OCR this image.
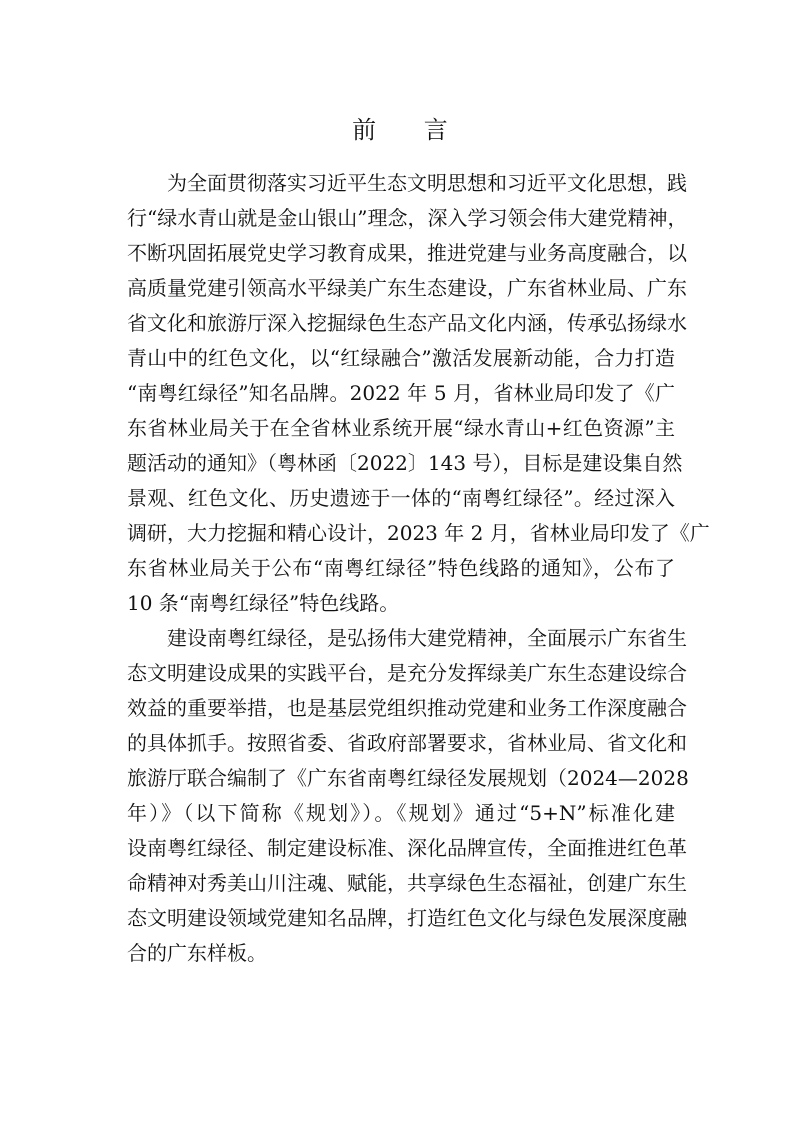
前 言

为全面贯彻落实习近平生态文明思想和习近平文化思想，践
行“绿水青山就是金山银山”理念，深入学习领会伟大建党精神，
不断巩固拓展党史学习教育成果，推进党建与业务高度融合，以
高质量党建引领高水平绿美广东生态建设，广东省林业局、广东
省文化和旅游厅深入挖掘绿色生态产品文化内涵，传承弘扬绿水
青山中的红色文化，以“红绿融合”激活发展新动能，合力打造
“南粤红绿径”知名品牌。2022 年 5 月，省林业局印发了《广
东省林业局关于在全省林业系统开展“绿水青山+红色资源”主
题活动的通知》（粤林函〔2022〕143 号），目标是建设集自然
景观、红色文化、历史遗迹于一体的“南粤红绿径”。经过深入
调研，大力挖掘和精心设计，2023 年 2 月，省林业局印发了《广
东省林业局关于公布“南粤红绿径”特色线路的通知》，公布了
10 条“南粤红绿径”特色线路。

建设南粤红绿径，是弘扬伟大建党精神，全面展示广东省生
态文明建设成果的实践平台，是充分发挥绿美广东生态建设综合
效益的重要举措，也是基层党组织推动党建和业务工作深度融合
的具体抓手。按照省委、省政府部署要求，省林业局、省文化和
旅游厅联合编制了《广东省南粤红绿径发展规划（2024—2028
年）》（以下简称《规划》）。《规划》通过“5+N”标准化建
设南粤红绿径、制定建设标准、深化品牌宣传，全面推进红色革
命精神对秀美山川注魂、赋能，共享绿色生态福祉，创建广东生
态文明建设领域党建知名品牌，打造红色文化与绿色发展深度融
合的广东样板。
